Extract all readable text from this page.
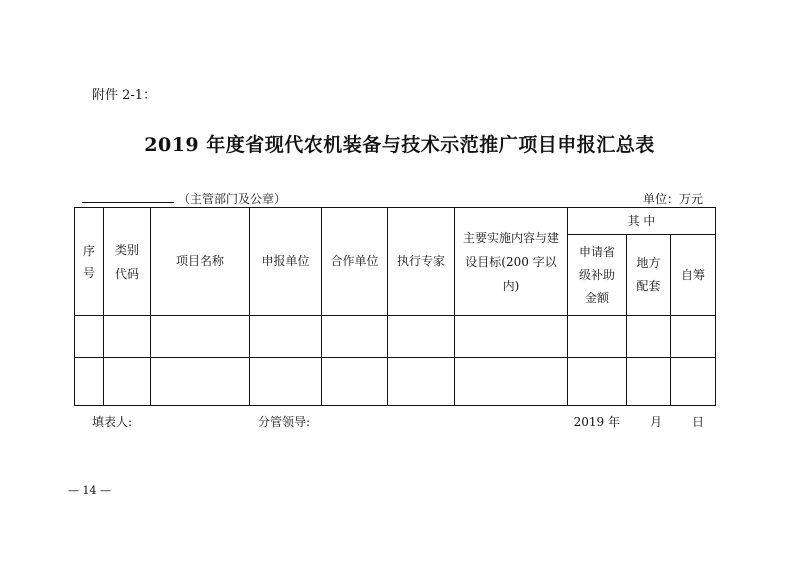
附件 2-1：
2019 年度省现代农机装备与技术示范推广项目申报汇总表
（主管部门及公章）	单位：万元
序号	类别代码	项目名称	申报单位	合作单位	执行专家	主要实施内容与建设目标(200 字以内)	其 中		

							申请省级补助金额	地方配套	自筹

填表人:	分管领导:	2019 年	月	日
— 14 —
